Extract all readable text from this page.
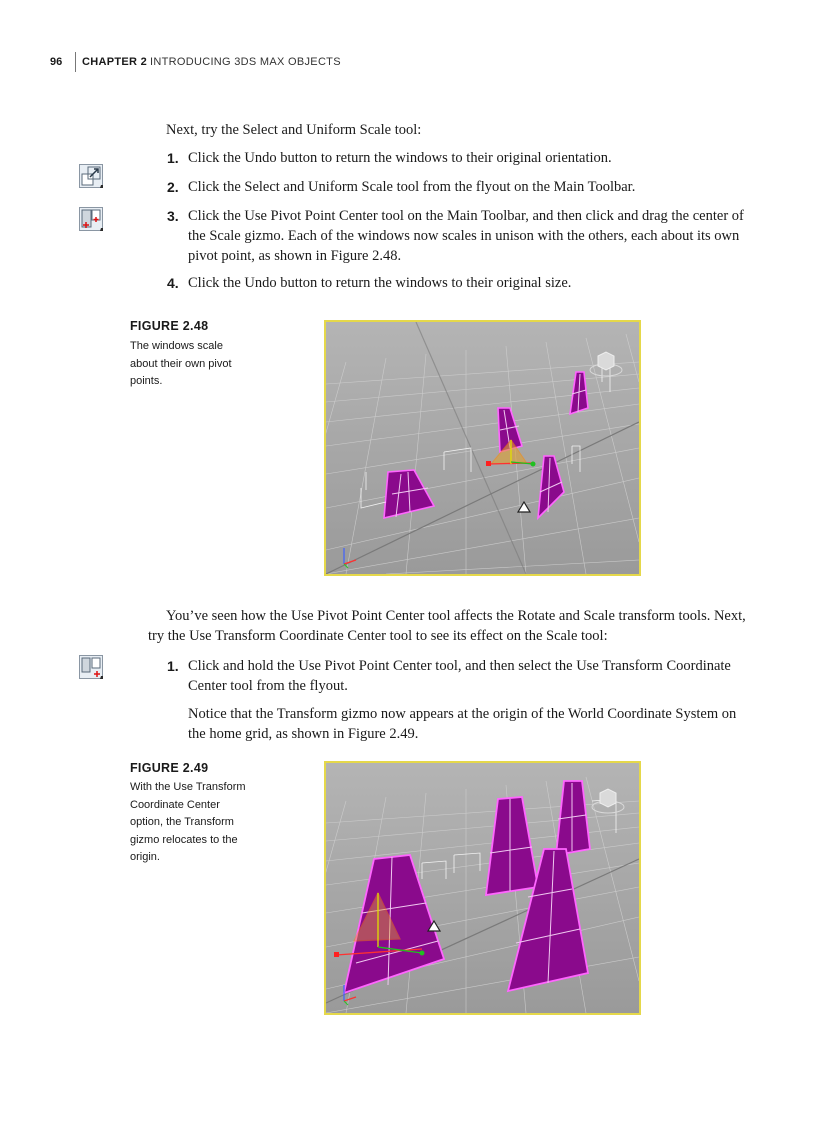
96 CHAPTER 2 INTRODUCING 3DS MAX OBJECTS
Next, try the Select and Uniform Scale tool:
1. Click the Undo button to return the windows to their original orientation.
2. Click the Select and Uniform Scale tool from the flyout on the Main Toolbar.
3. Click the Use Pivot Point Center tool on the Main Toolbar, and then click and drag the center of the Scale gizmo. Each of the windows now scales in unison with the others, each about its own pivot point, as shown in Figure 2.48.
4. Click the Undo button to return the windows to their original size.
FIGURE 2.48
The windows scale about their own pivot points.
You’ve seen how the Use Pivot Point Center tool affects the Rotate and Scale transform tools. Next, try the Use Transform Coordinate Center tool to see its effect on the Scale tool:
1. Click and hold the Use Pivot Point Center tool, and then select the Use Transform Coordinate Center tool from the flyout.
Notice that the Transform gizmo now appears at the origin of the World Coordinate System on the home grid, as shown in Figure 2.49.
FIGURE 2.49
With the Use Transform Coordinate Center option, the Transform gizmo relocates to the origin.
